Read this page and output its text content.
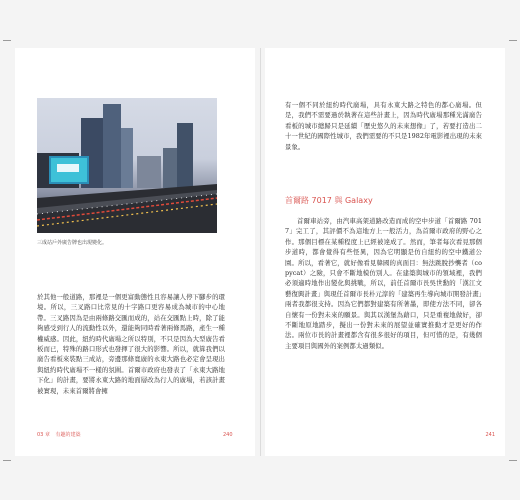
三成站戶外廣告牌也出現變化。
於其他一般道路，那裡是一個更富動態性且容易讓人停下腳步的環境。所以，三叉路口比常見的十字路口更容易成為城市的中心地帶。三叉路因為是由兩條路交匯而成的，站在交匯點上時，除了能夠感受到行人的流動性以外，還能夠同時看著兩條馬路，產生一種權威感。因此，紐約時代廣場之所以特別，不只是因為大型廣告看板而已，特殊的路口形式也發揮了很大的影響。所以，就算我們以廣告看板來裝點三成站，旁邊那條寬廣的永東大路也必定會呈現出與紐約時代廣場不一樣的氛圍。首爾市政府也發表了「永東大路地下化」的計畫，要將永東大路的地面層改為行人的廣場，若該計畫被實現，未來首爾將會擁
03 章 有趣的建築	240
有一個不同於紐約時代廣場，具有永東大路之特色的都心廣場。但是，我們不需要過於執著在這些計畫上，因為時代廣場那種光滿廣告看板的城市總歸只是延續「歷史悠久的未來想像」了，若要打造出二十一世紀的國際性城市，我們需要的不只是1982年電影裡出現的未來景象。
首爾路 7017 與 Galaxy
首爾車站旁，由汽車高架道路改造而成的空中步道「首爾路 7017」完工了，其評價不為這地方上一般活力，為首爾市政府的野心之作。那個目標在某種程度上已經被達成了。然而，筆者每次看見那個步道時，都會覺得有些怪異，因為它明顯是仿自紐約的空中鐵道公園。所以，看著它，就好像看見韓國的真面目：無法跳脫抄襲者（copycat）之險，只會不斷地模仿別人。在建築與城市的領域裡，我們必須適時地作出變化與挑戰，所以，前任首爾市長吳世勳的「漢江文藝復興計畫」與現任首爾市長朴元淳的「建築再生導向城市開發計畫」兩者我都很支持。因為它們都對建築有所著墨，即使方法不同，卻各自懷有一份對未來的願景。與其以漢堡為藉口，只是重複地做好，卻不斷地原地踏步，擬出一份對未來的展望並確實推動才是更好的作法。兩位市長的計畫裡都含有很多很好的項目，但可惜的是，有幾個主要項目與國外的案例都太過類似。
241
